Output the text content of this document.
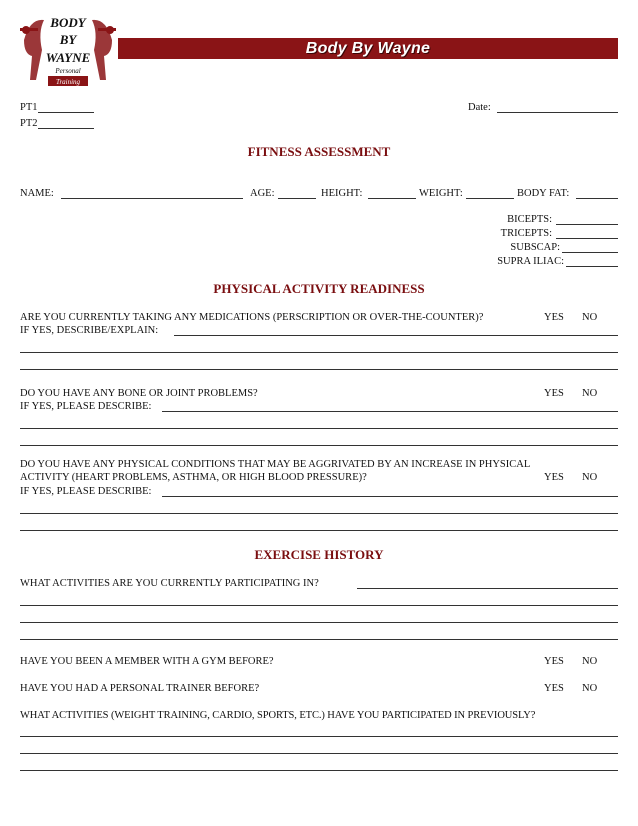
BODY
BY
WAYNE
Personal
Training
Body By Wayne
PT1
PT2
Date:
FITNESS ASSESSMENT
NAME:	AGE:	HEIGHT:	WEIGHT:	BODY FAT:
BICEPTS:
TRICEPTS:
SUBSCAP:
SUPRA ILIAC:
PHYSICAL ACTIVITY READINESS
ARE YOU CURRENTLY TAKING ANY MEDICATIONS (PERSCRIPTION OR OVER-THE-COUNTER)?	YES NO
IF YES, DESCRIBE/EXPLAIN:
DO YOU HAVE ANY BONE OR JOINT PROBLEMS?	YES NO
IF YES, PLEASE DESCRIBE:
DO YOU HAVE ANY PHYSICAL CONDITIONS THAT MAY BE AGGRIVATED BY AN INCREASE IN PHYSICAL
ACTIVITY (HEART PROBLEMS, ASTHMA, OR HIGH BLOOD PRESSURE)?	YES NO
IF YES, PLEASE DESCRIBE:
EXERCISE HISTORY
WHAT ACTIVITIES ARE YOU CURRENTLY PARTICIPATING IN?
HAVE YOU BEEN A MEMBER WITH A GYM BEFORE?	YES NO
HAVE YOU HAD A PERSONAL TRAINER BEFORE?	YES NO
WHAT ACTIVITIES (WEIGHT TRAINING, CARDIO, SPORTS, ETC.) HAVE YOU PARTICIPATED IN PREVIOUSLY?
